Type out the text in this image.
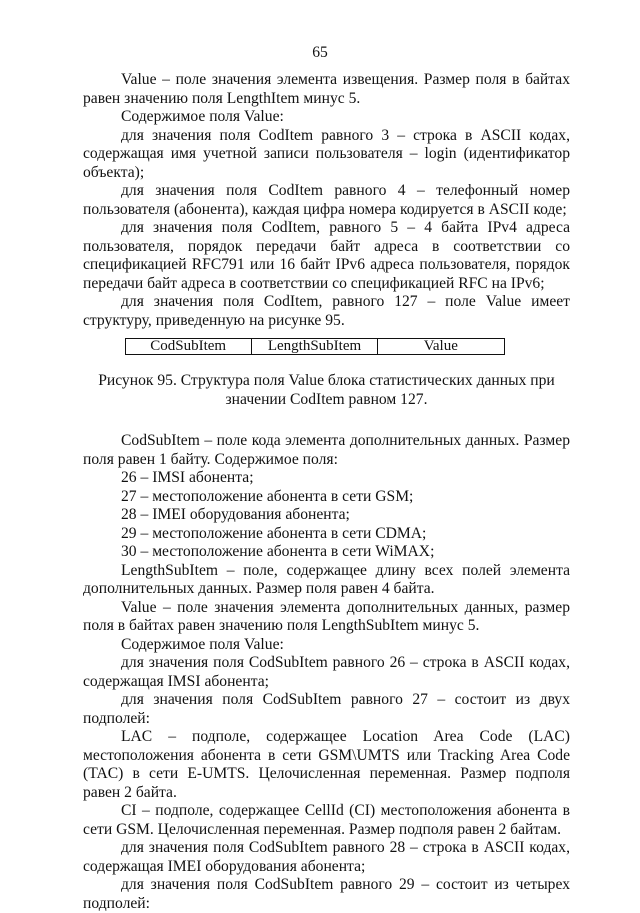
65

Value – поле значения элемента извещения. Размер поля в байтах равен значению поля LengthItem минус 5.

Содержимое поля Value:

для значения поля CodItem равного 3 – строка в ASCII кодах, содержащая имя учетной записи пользователя – login (идентификатор объекта);

для значения поля CodItem равного 4 – телефонный номер пользователя (абонента), каждая цифра номера кодируется в ASCII коде;

для значения поля CodItem, равного 5 – 4 байта IPv4 адреса пользователя, порядок передачи байт адреса в соответствии со спецификацией RFC791 или 16 байт IPv6 адреса пользователя, порядок передачи байт адреса в соответствии со спецификацией RFC на IPv6;

для значения поля CodItem, равного 127 – поле Value имеет структуру, приведенную на рисунке 95.

CodSubItem	LengthSubItem	Value

Рисунок 95. Структура поля Value блока статистических данных при значении CodItem равном 127.

CodSubItem – поле кода элемента дополнительных данных. Размер поля равен 1 байту. Содержимое поля:

26 – IMSI абонента;

27 – местоположение абонента в сети GSM;

28 – IMEI оборудования абонента;

29 – местоположение абонента в сети CDMA;

30 – местоположение абонента в сети WiMAX;

LengthSubItem – поле, содержащее длину всех полей элемента дополнительных данных. Размер поля равен 4 байта.

Value – поле значения элемента дополнительных данных, размер поля в байтах равен значению поля LengthSubItem минус 5.

Содержимое поля Value:

для значения поля CodSubItem равного 26 – строка в ASCII кодах, содержащая IMSI абонента;

для значения поля CodSubItem равного 27 – состоит из двух подполей:

LAC – подполе, содержащее Location Area Code (LAC) местоположения абонента в сети GSM\UMTS или Tracking Area Code (TAC) в сети E-UMTS. Целочисленная переменная. Размер подполя равен 2 байта.

CI – подполе, содержащее CellId (CI) местоположения абонента в сети GSM. Целочисленная переменная. Размер подполя равен 2 байтам.

для значения поля CodSubItem равного 28 – строка в ASCII кодах, содержащая IMEI оборудования абонента;

для значения поля CodSubItem равного 29 – состоит из четырех подполей:
